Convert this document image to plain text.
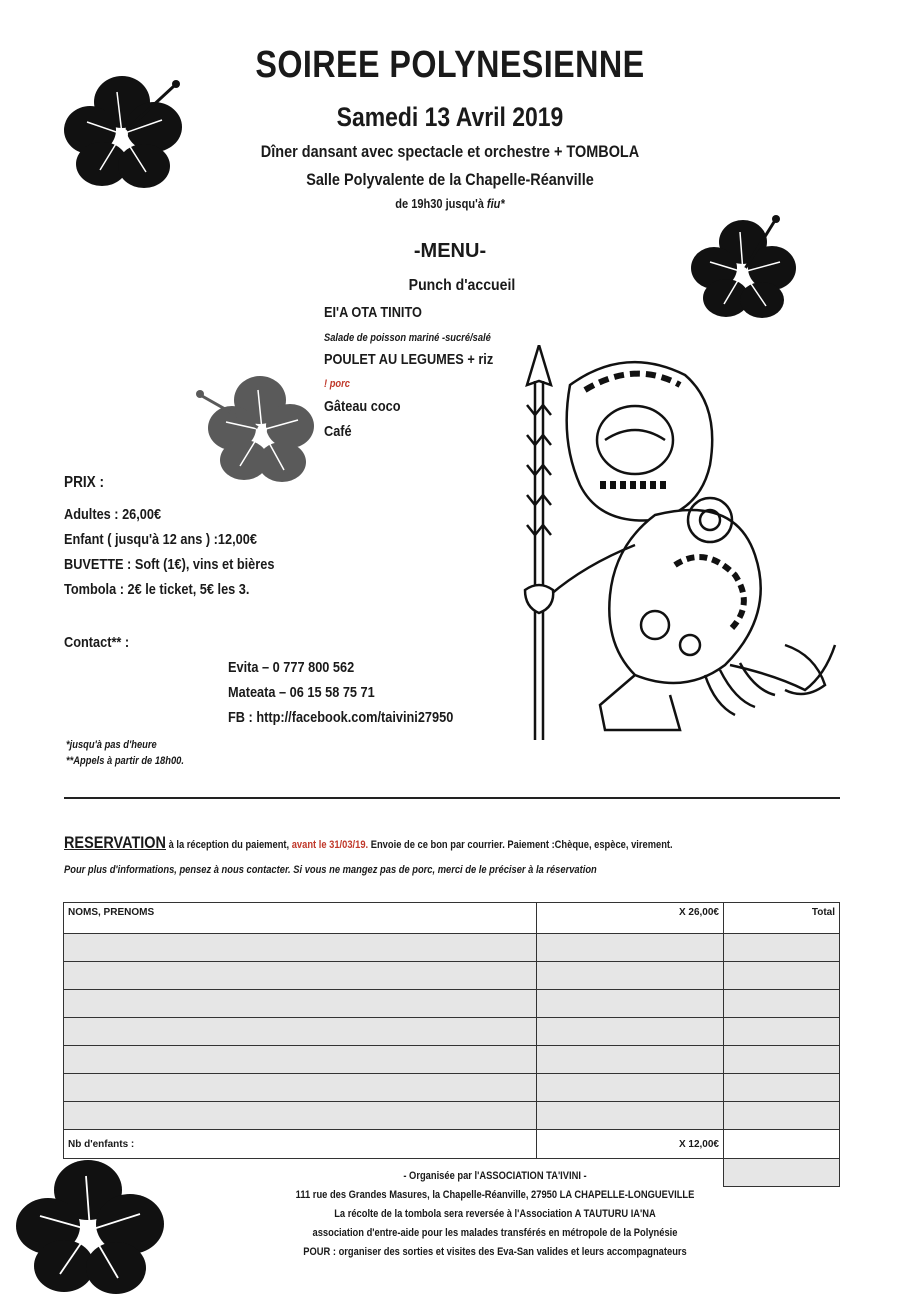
SOIREE POLYNESIENNE
Samedi 13 Avril 2019
Dîner dansant avec spectacle et orchestre + TOMBOLA
Salle Polyvalente de la Chapelle-Réanville
de 19h30 jusqu'à fiu*
-MENU-
Punch d'accueil
EI'A OTA TINITO
Salade de poisson mariné -sucré/salé
POULET AU LEGUMES + riz
! porc
Gâteau coco
Café
PRIX :
Adultes : 26,00€
Enfant ( jusqu'à 12 ans ) :12,00€
BUVETTE : Soft (1€), vins et bières
Tombola : 2€ le ticket, 5€ les 3.
Contact** :
Evita – 0 777 800 562
Mateata – 06 15 58 75 71
FB : http://facebook.com/taivini27950
*jusqu'à pas d'heure
**Appels à partir de 18h00.
RESERVATION à la réception du paiement, avant le 31/03/19. Envoie de ce bon par courrier. Paiement :Chèque, espèce, virement.
Pour plus d'informations, pensez à nous contacter. Si vous ne mangez pas de porc, merci de le préciser à la réservation
NOMS, PRENOMS	X 26,00€	Total

Nb d'enfants :	X 12,00€	

- Organisée par l'ASSOCIATION TA'IVINI -
111 rue des Grandes Masures, la Chapelle-Réanville, 27950 LA CHAPELLE-LONGUEVILLE
La récolte de la tombola sera reversée à l'Association A TAUTURU IA'NA
association d'entre-aide pour les malades transférés en métropole de la Polynésie
POUR : organiser des sorties et visites des Eva-San valides et leurs accompagnateurs
